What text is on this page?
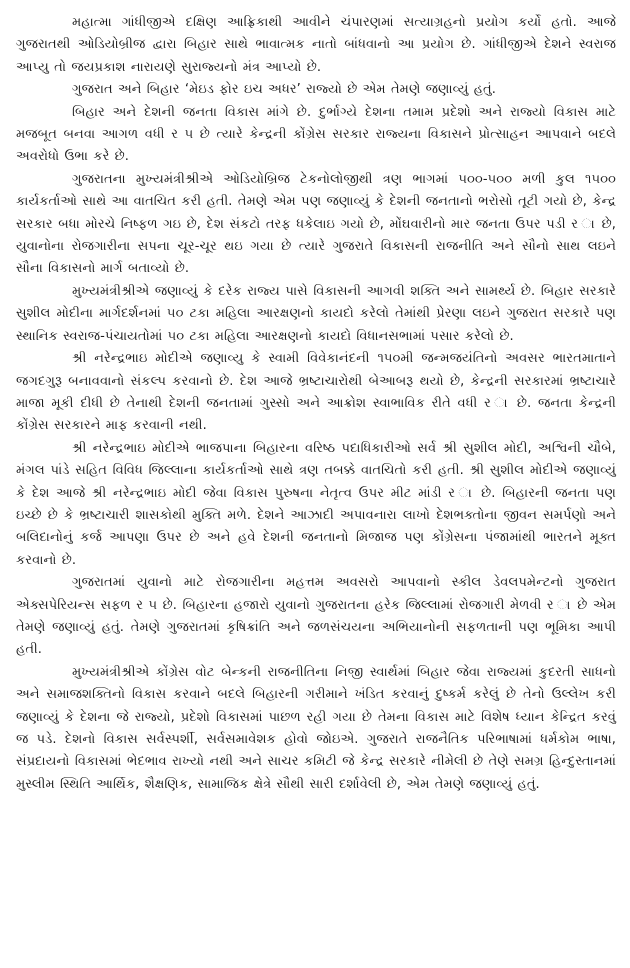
મહાત્મા ગાંધીજીએ દક્ષિણ આફ્રિકાથી આવીને ચંપારણમાં સત્યાગ્રહનો પ્રયોગ કર્યો હતો. આજે ગુજરાતથી ઓડિયોબ્રીજ દ્વારા બિહાર સાથે ભાવાત્મક નાતો બાંધવાનો આ પ્રયોગ છે. ગાંધીજીએ દેશને સ્વરાજ આપ્યુ તો જયપ્રકાશ નારાયણે સુરાજ્યનો મંત્ર આપ્યો છે.

ગુજરાત અને બિહાર ‘મેઇડ ફોર ઇચ અધર’ રાજ્યો છે એમ તેમણે જણાવ્યું હતું.

બિહાર અને દેશની જનતા વિકાસ માંગે છે. દુર્ભાગ્યે દેશના તમામ પ્રદેશો અને રાજ્યો વિકાસ માટે મજબૂત બનવા આગળ વધી ર ૫ છે ત્યારે કેન્દ્રની કોંગ્રેસ સરકાર રાજ્યના વિકાસને પ્રોત્સાહન આપવાને બદલે અવરોધો ઉભા કરે છે.

ગુજરાતના મુખ્યમંત્રીશ્રીએ ઓડિયોબ્રિજ ટેકનોલોજીથી ત્રણ ભાગમાં ૫૦૦-૫૦૦ મળી કુલ ૧૫૦૦ કાર્યકર્તાઓ સાથે આ વાતચિત કરી હતી. તેમણે એમ પણ જણાવ્યું કે દેશની જનતાનો ભરોસો તૂટી ગયો છે, કેન્દ્ર સરકાર બધા મોરચે નિષ્ફળ ગઇ છે, દેશ સંકટો તરફ ધકેલાઇ ગયો છે, મોંઘવારીનો માર જનતા ઉપર પડી ર ા છે, યુવાનોના રોજગારીના સપના ચૂર-ચૂર થઇ ગયા છે ત્યારે ગુજરાતે વિકાસની રાજનીતિ અને સૌનો સાથ લઇને સૌના વિકાસનો માર્ગ બતાવ્યો છે.

મુખ્યમંત્રીશ્રીએ જણાવ્યું કે દરેક રાજ્ય પાસે વિકાસની આગવી શક્તિ અને સામર્થ્ય છે. બિહાર સરકારે સુશીલ મોદીના માર્ગદર્શનમાં ૫૦ ટકા મહિલા આરક્ષણનો કાયદો કરેલો તેમાંથી પ્રેરણા લઇને ગુજરાત સરકારે પણ સ્થાનિક સ્વરાજ-પંચાયતોમાં ૫૦ ટકા મહિલા આરક્ષણનો કાયદો વિધાનસભામાં પસાર કરેલો છે.

શ્રી નરેન્દ્રભાઇ મોદીએ જણાવ્યુ કે સ્વામી વિવેકાનંદની ૧૫૦મી જન્મજયંતિનો અવસર ભારતમાતાને જગદગુરૂ બનાવવાનો સંકલ્પ કરવાનો છે. દેશ આજે ભ્રષ્ટાચારોથી બેઆબરૂ થયો છે, કેન્દ્રની સરકારમાં ભ્રષ્ટાચારે માજા મૂકી દીધી છે તેનાથી દેશની જનતામાં ગુસ્સો અને આક્રોશ સ્વાભાવિક રીતે વધી ર ા છે. જનતા કેન્દ્રની કોંગ્રેસ સરકારને માફ કરવાની નથી.

શ્રી નરેન્દ્રભાઇ મોદીએ ભાજપાના બિહારના વરિષ્ઠ પદાધિકારીઓ સર્વ શ્રી સુશીલ મોદી, અશ્વિની ચૌબે, મંગલ પાંડે સહિત વિવિધ જિલ્લાના કાર્યકર્તાઓ સાથે ત્રણ તબક્કે વાતચિતો કરી હતી. શ્રી સુશીલ મોદીએ જણાવ્યું કે દેશ આજે શ્રી નરેન્દ્રભાઇ મોદી જેવા વિકાસ પુરુષના નેતૃત્વ ઉપર મીટ માંડી ર ા છે. બિહારની જનતા પણ ઇચ્છે છે કે ભ્રષ્ટાચારી શાસકોથી મુક્તિ મળે. દેશને આઝાદી અપાવનારા લાખો દેશભક્તોના જીવન સમર્પણો અને બલિદાનોનું કર્જ આપણા ઉપર છે અને હવે દેશની જનતાનો મિજાજ પણ કોંગ્રેસના પંજામાંથી ભારતને મૂક્ત કરવાનો છે.

ગુજરાતમાં યુવાનો માટે રોજગારીના મહત્તમ અવસરો આપવાનો સ્કીલ ડેવલપમેન્ટનો ગુજરાત એક્સપેરિયન્સ સફળ ર ૫ છે. બિહારના હજારો યુવાનો ગુજરાતના હરેક જિલ્લામાં રોજગારી મેળવી ર ા છે એમ તેમણે જણાવ્યું હતું. તેમણે ગુજરાતમાં કૃષિક્રાંતિ અને જળસંચયના અભિયાનોની સફળતાની પણ ભૂમિકા આપી હતી.

મુખ્યમંત્રીશ્રીએ કોંગ્રેસ વોટ બેન્કની રાજનીતિના નિજી સ્વાર્થમાં બિહાર જેવા રાજ્યમાં કુદરતી સાધનો અને સમાજશક્તિનો વિકાસ કરવાને બદલે બિહારની ગરીમાને ખંડિત કરવાનું દુષ્કર્મ કરેલું છે તેનો ઉલ્લેખ કરી જણાવ્યું કે દેશના જે રાજ્યો, પ્રદેશો વિકાસમાં પાછળ રહી ગયા છે તેમના વિકાસ માટે વિશેષ ધ્યાન કેન્દ્રિત કરવું જ પડે. દેશનો વિકાસ સર્વસ્પર્શી, સર્વસમાવેશક હોવો જોઇએ. ગુજરાતે રાજનૈતિક પરિભાષામાં ધર્મકોમ ભાષા, સંપ્રદાયનો વિકાસમાં ભેદભાવ રાખ્યો નથી અને સાચર કમિટી જે કેન્દ્ર સરકારે નીમેલી છે તેણે સમગ્ર હિન્દુસ્તાનમાં મુસ્લીમ સ્થિતિ આર્થિક, શૈક્ષણિક, સામાજિક ક્ષેત્રે સૌથી સારી દર્શાવેલી છે, એમ તેમણે જણાવ્યું હતું.
